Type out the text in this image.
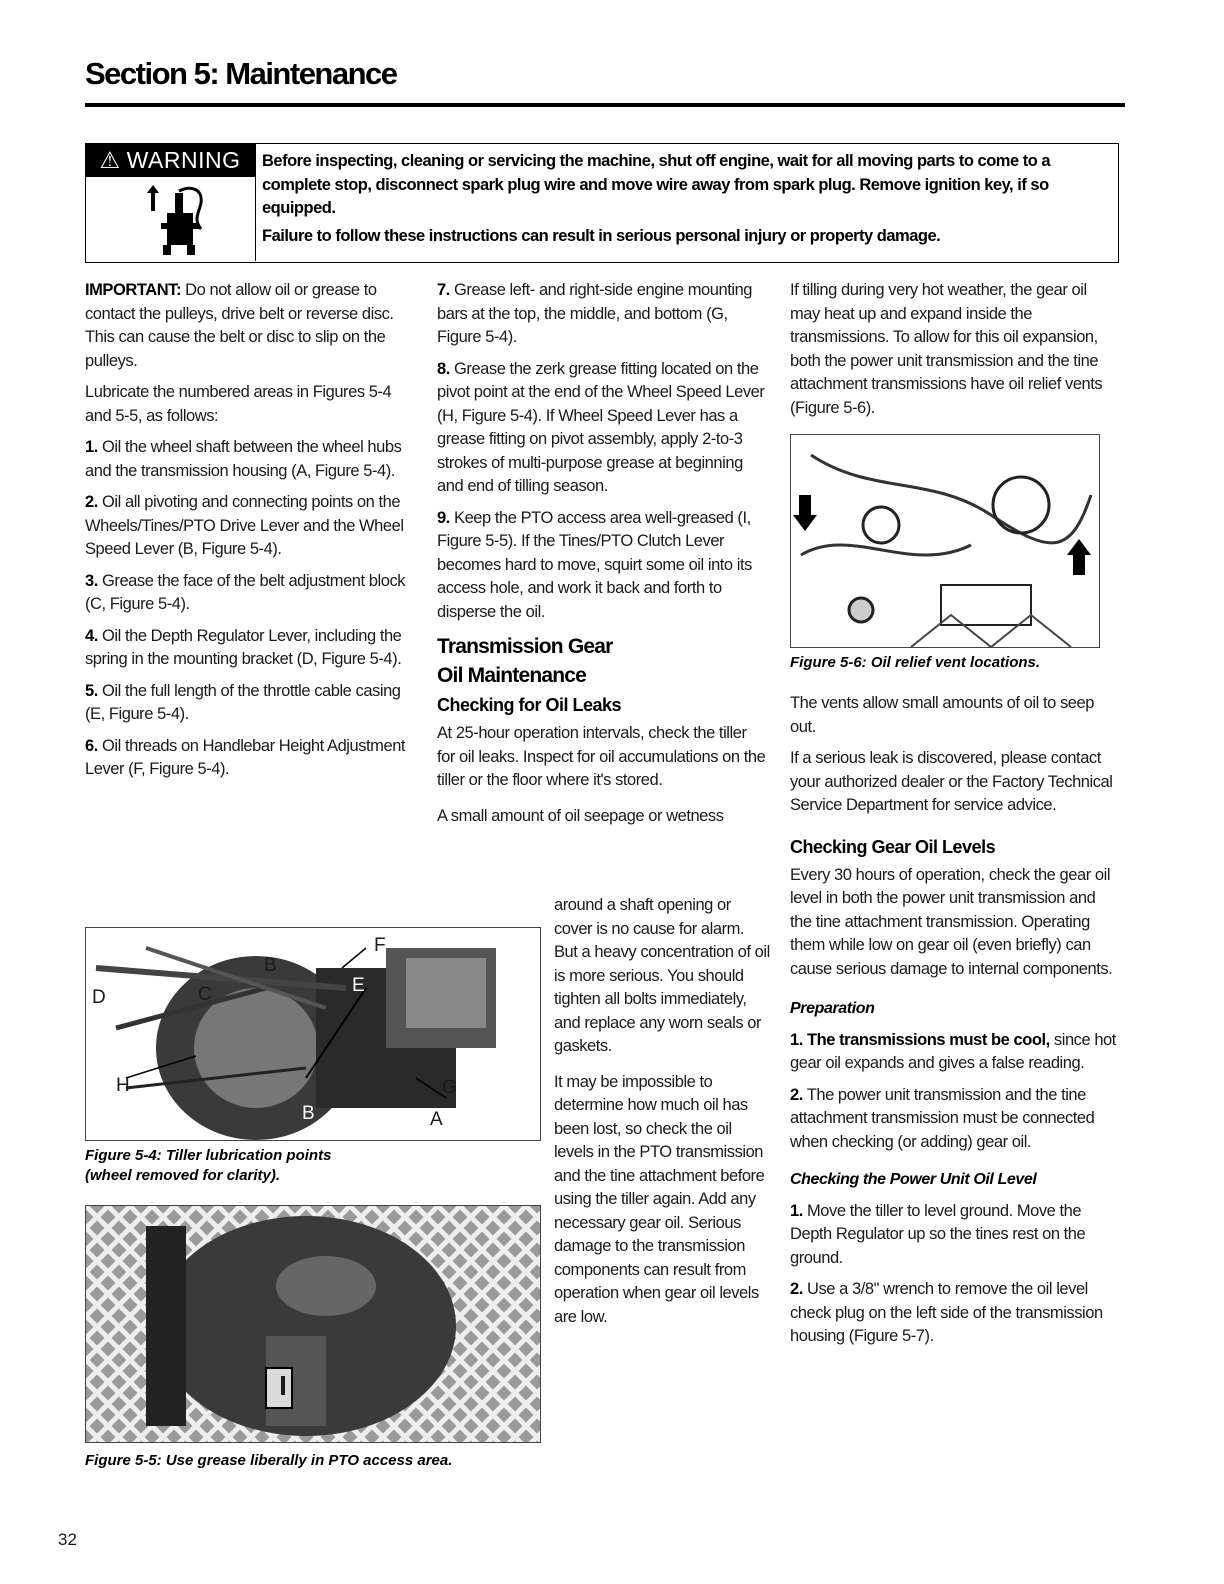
Section 5: Maintenance
⚠ WARNING	Before inspecting, cleaning or servicing the machine, shut off engine, wait for all moving parts to come to a complete stop, disconnect spark plug wire and move wire away from spark plug. Remove ignition key, if so equipped.

Failure to follow these instructions can result in serious personal injury or property damage.

IMPORTANT: Do not allow oil or grease to contact the pulleys, drive belt or reverse disc. This can cause the belt or disc to slip on the pulleys.

Lubricate the numbered areas in Figures 5-4 and 5-5, as follows:

1. Oil the wheel shaft between the wheel hubs and the transmission housing (A, Figure 5-4).

2. Oil all pivoting and connecting points on the Wheels/Tines/PTO Drive Lever and the Wheel Speed Lever (B, Figure 5-4).

3. Grease the face of the belt adjustment block (C, Figure 5-4).

4. Oil the Depth Regulator Lever, including the spring in the mounting bracket (D, Figure 5-4).

5. Oil the full length of the throttle cable casing (E, Figure 5-4).

6. Oil threads on Handlebar Height Adjustment Lever (F, Figure 5-4).

D	C
B
F
E
H
B
G
A
Figure 5-4: Tiller lubrication points
(wheel removed for clarity).
I
Figure 5-5: Use grease liberally in PTO access area.

7. Grease left- and right-side engine mounting bars at the top, the middle, and bottom (G, Figure 5-4).

8. Grease the zerk grease fitting located on the pivot point at the end of the Wheel Speed Lever (H, Figure 5-4). If Wheel Speed Lever has a grease fitting on pivot assembly, apply 2-to-3 strokes of multi-purpose grease at beginning and end of tilling season.

9. Keep the PTO access area well-greased (I, Figure 5-5). If the Tines/PTO Clutch Lever becomes hard to move, squirt some oil into its access hole, and work it back and forth to disperse the oil.

Transmission Gear
Oil Maintenance
Checking for Oil Leaks

At 25-hour operation intervals, check the tiller for oil leaks. Inspect for oil accumulations on the tiller or the floor where it's stored.

A small amount of oil seepage or wetness

around a shaft opening or cover is no cause for alarm. But a heavy concentration of oil is more serious. You should tighten all bolts immediately, and replace any worn seals or gaskets.

It may be impossible to determine how much oil has been lost, so check the oil levels in the PTO transmission and the tine attachment before using the tiller again. Add any necessary gear oil. Serious damage to the transmission components can result from operation when gear oil levels are low.

If tilling during very hot weather, the gear oil may heat up and expand inside the transmissions. To allow for this oil expansion, both the power unit transmission and the tine attachment transmissions have oil relief vents (Figure 5-6).

Figure 5-6: Oil relief vent locations.

The vents allow small amounts of oil to seep out.

If a serious leak is discovered, please contact your authorized dealer or the Factory Technical Service Department for service advice.

Checking Gear Oil Levels

Every 30 hours of operation, check the gear oil level in both the power unit transmission and the tine attachment transmission. Operating them while low on gear oil (even briefly) can cause serious damage to internal components.

Preparation

1. The transmissions must be cool, since hot gear oil expands and gives a false reading.

2. The power unit transmission and the tine attachment transmission must be connected when checking (or adding) gear oil.

Checking the Power Unit Oil Level

1. Move the tiller to level ground. Move the Depth Regulator up so the tines rest on the ground.

2. Use a 3/8" wrench to remove the oil level check plug on the left side of the transmission housing (Figure 5-7).

32
